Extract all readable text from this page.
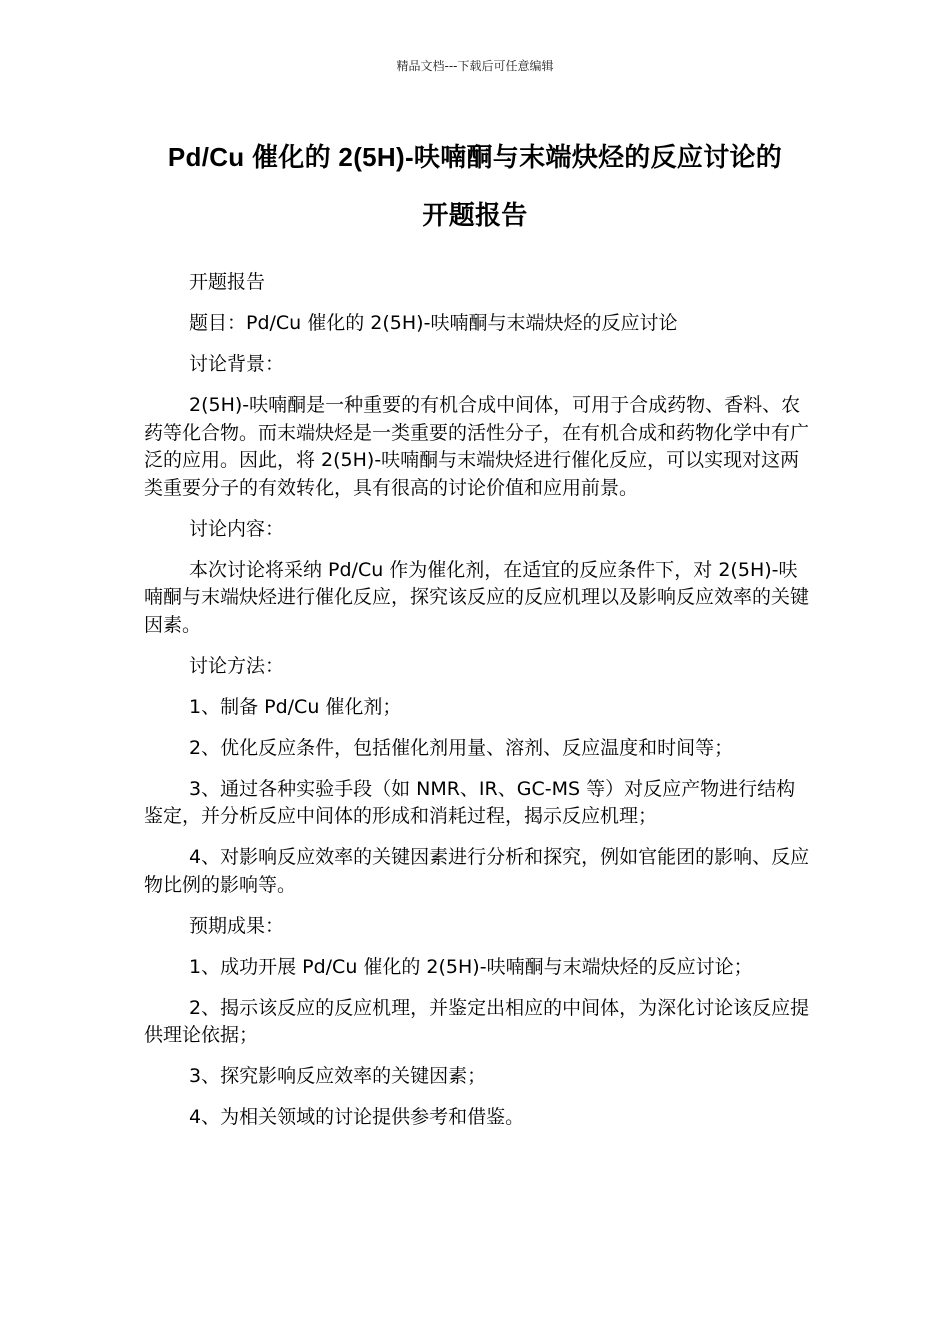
精品文档---下载后可任意编辑
Pd/Cu 催化的 2(5H)-呋喃酮与末端炔烃的反应讨论的
开题报告

开题报告

题目：Pd/Cu 催化的 2(5H)-呋喃酮与末端炔烃的反应讨论

讨论背景：

2(5H)-呋喃酮是一种重要的有机合成中间体，可用于合成药物、香料、农药等化合物。而末端炔烃是一类重要的活性分子，在有机合成和药物化学中有广泛的应用。因此，将 2(5H)-呋喃酮与末端炔烃进行催化反应，可以实现对这两类重要分子的有效转化，具有很高的讨论价值和应用前景。

讨论内容：

本次讨论将采纳 Pd/Cu 作为催化剂，在适宜的反应条件下，对 2(5H)-呋喃酮与末端炔烃进行催化反应，探究该反应的反应机理以及影响反应效率的关键因素。

讨论方法：

1、制备 Pd/Cu 催化剂；

2、优化反应条件，包括催化剂用量、溶剂、反应温度和时间等；

3、通过各种实验手段（如 NMR、IR、GC-MS 等）对反应产物进行结构鉴定，并分析反应中间体的形成和消耗过程，揭示反应机理；

4、对影响反应效率的关键因素进行分析和探究，例如官能团的影响、反应物比例的影响等。

预期成果：

1、成功开展 Pd/Cu 催化的 2(5H)-呋喃酮与末端炔烃的反应讨论；

2、揭示该反应的反应机理，并鉴定出相应的中间体，为深化讨论该反应提供理论依据；

3、探究影响反应效率的关键因素；

4、为相关领域的讨论提供参考和借鉴。
